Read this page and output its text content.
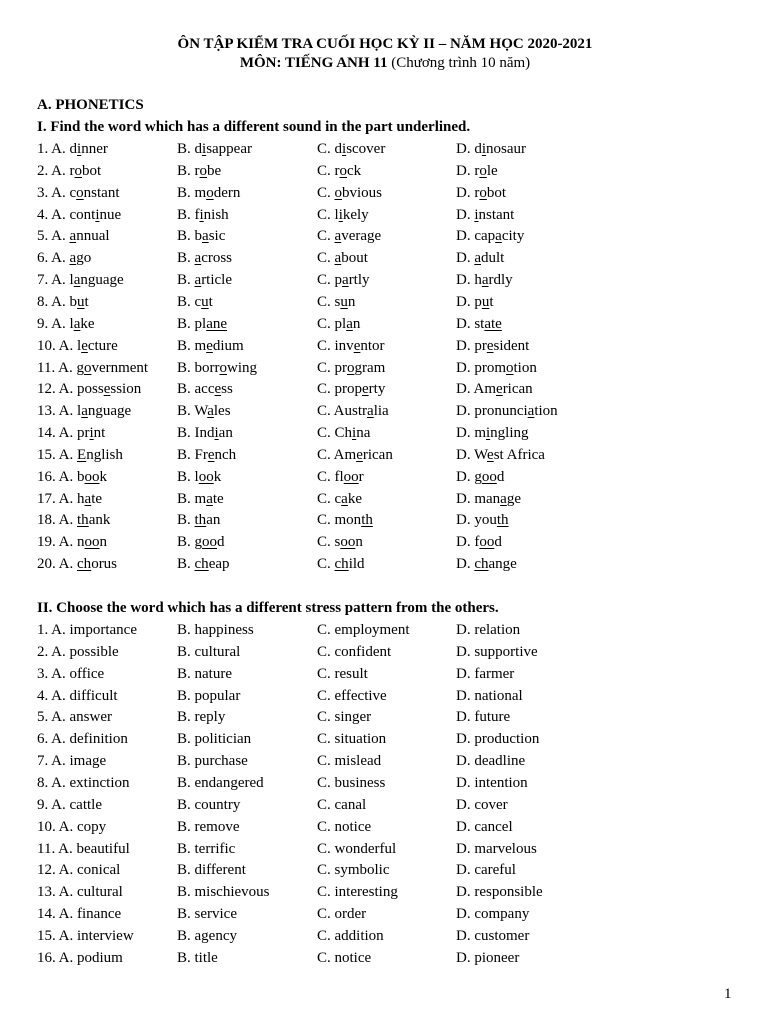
ÔN TẬP KIỂM TRA CUỐI HỌC KỲ II – NĂM HỌC 2020-2021
MÔN: TIẾNG ANH 11 (Chương trình 10 năm)
A. PHONETICS
I. Find the word which has a different sound in the part underlined.
1. A. dinner	B. disappear	C. discover	D. dinosaur
2. A. robot	B. robe	C. rock	D. role
3. A. constant	B. modern	C. obvious	D. robot
4. A. continue	B. finish	C. likely	D. instant
5. A. annual	B. basic	C. average	D. capacity
6. A. ago	B. across	C. about	D. adult
7. A. language	B. article	C. partly	D. hardly
8. A. but	B. cut	C. sun	D. put
9. A. lake	B. plane	C. plan	D. state
10. A. lecture	B. medium	C. inventor	D. president
11. A. government B. borrowing	C. program	D. promotion
12. A. possession B. access	C. property	D. American
13. A. language	B. Wales	C. Australia	D. pronunciation
14. A. print	B. Indian	C. China	D. mingling
15. A. English	B. French	C. American	D. West Africa
16. A. book	B. look	C. floor	D. good
17. A. hate	B. mate	C. cake	D. manage
18. A. thank	B. than	C. month	D. youth
19. A. noon	B. good	C. soon	D. food
20. A. chorus	B. cheap	C. child	D. change
II. Choose the word which has a different stress pattern from the others.
1. A. importance	B. happiness	C. employment	D. relation
2. A. possible	B. cultural	C. confident	D. supportive
3. A. office	B. nature	C. result	D. farmer
4. A. difficult	B. popular	C. effective	D. national
5. A. answer	B. reply	C. singer	D. future
6. A. definition	B. politician	C. situation	D. production
7. A. image	B. purchase	C. mislead	D. deadline
8. A. extinction	B. endangered	C. business	D. intention
9. A. cattle	B. country	C. canal	D. cover
10. A. copy	B. remove	C. notice	D. cancel
11. A. beautiful	B. terrific	C. wonderful	D. marvelous
12. A. conical	B. different	C. symbolic	D. careful
13. A. cultural	B. mischievous	C. interesting	D. responsible
14. A. finance	B. service	C. order	D. company
15. A. interview	B. agency	C. addition	D. customer
16. A. podium	B. title	C. notice	D. pioneer
1
